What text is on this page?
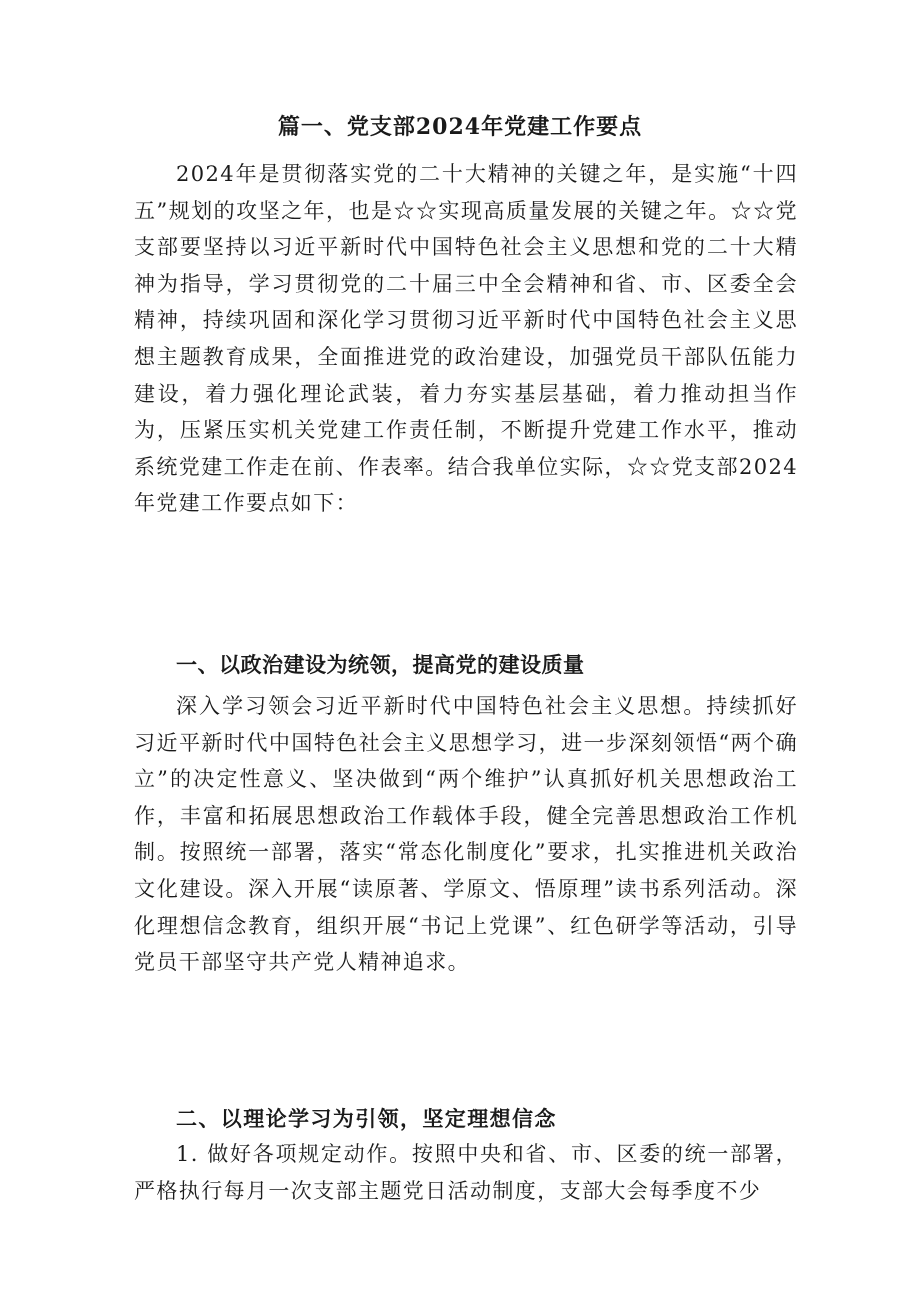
篇一、党支部2024年党建工作要点

2024年是贯彻落实党的二十大精神的关键之年，是实施“十四五”规划的攻坚之年，也是☆☆实现高质量发展的关键之年。☆☆党支部要坚持以习近平新时代中国特色社会主义思想和党的二十大精神为指导，学习贯彻党的二十届三中全会精神和省、市、区委全会精神，持续巩固和深化学习贯彻习近平新时代中国特色社会主义思想主题教育成果，全面推进党的政治建设，加强党员干部队伍能力建设，着力强化理论武装，着力夯实基层基础，着力推动担当作为，压紧压实机关党建工作责任制，不断提升党建工作水平，推动系统党建工作走在前、作表率。结合我单位实际，☆☆党支部2024年党建工作要点如下：

一、以政治建设为统领，提高党的建设质量

深入学习领会习近平新时代中国特色社会主义思想。持续抓好习近平新时代中国特色社会主义思想学习，进一步深刻领悟“两个确立”的决定性意义、坚决做到“两个维护”认真抓好机关思想政治工作，丰富和拓展思想政治工作载体手段，健全完善思想政治工作机制。按照统一部署，落实“常态化制度化”要求，扎实推进机关政治文化建设。深入开展“读原著、学原文、悟原理”读书系列活动。深化理想信念教育，组织开展“书记上党课”、红色研学等活动，引导党员干部坚守共产党人精神追求。

二、以理论学习为引领，坚定理想信念

1. 做好各项规定动作。按照中央和省、市、区委的统一部署，严格执行每月一次支部主题党日活动制度，支部大会每季度不少
